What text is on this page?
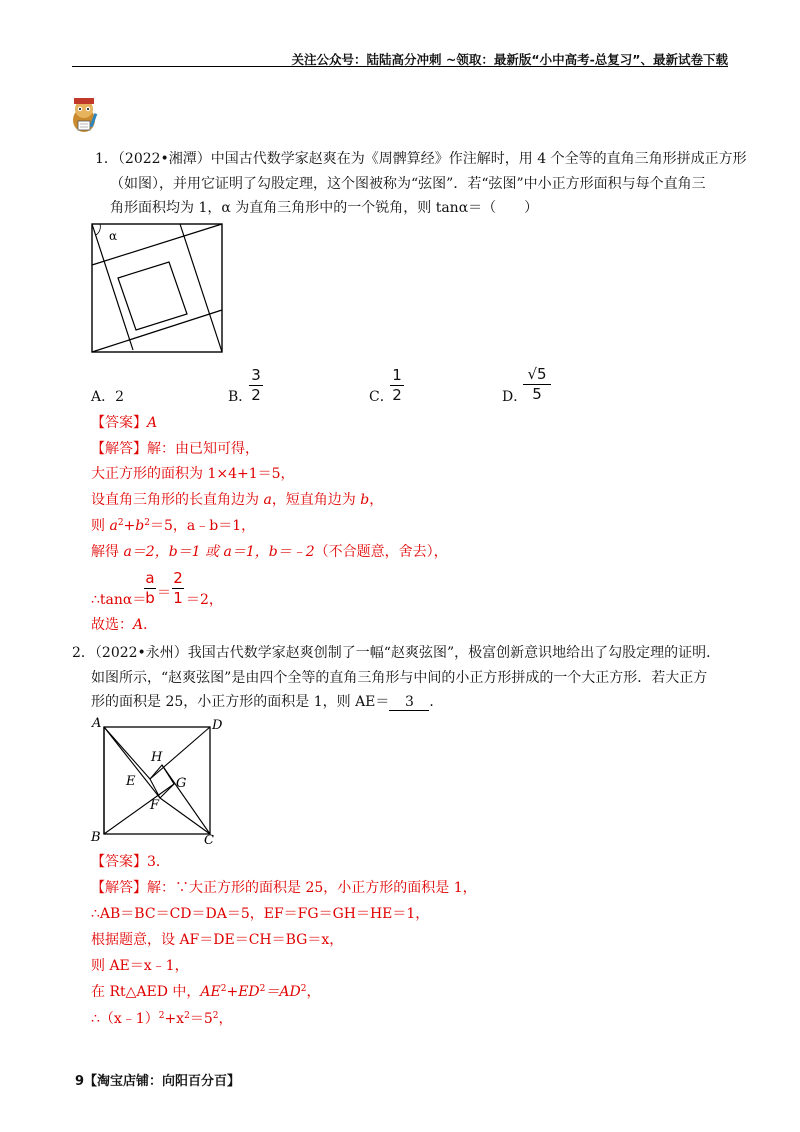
关注公众号：陆陆高分冲刺 ~领取：最新版“小中高考-总复习”、最新试卷下载
1．（2022•湘潭）中国古代数学家赵爽在为《周髀算经》作注解时，用 4 个全等的直角三角形拼成正方形
（如图），并用它证明了勾股定理，这个图被称为“弦图”．若“弦图”中小正方形面积与每个直角三
角形面积均为 1，α 为直角三角形中的一个锐角，则 tanα＝（　　）
α
A．2	B．
3
2	C．
1
2	D．
√5
5
【答案】A
【解答】解：由已知可得，
大正方形的面积为 1×4+1＝5，
设直角三角形的长直角边为 a，短直角边为 b，
则 $a^2+b^2=5$，a﹣b＝1，
解得 a＝2，b＝1 或 a＝1，b＝﹣2（不合题意，舍去），
∴tanα＝
a
b ＝
2
1 ＝2，
故选：A．
2．（2022•永州）我国古代数学家赵爽创制了一幅“赵爽弦图”，极富创新意识地给出了勾股定理的证明．
如图所示，“赵爽弦图”是由四个全等的直角三角形与中间的小正方形拼成的一个大正方形．若大正方
形的面积是 25，小正方形的面积是 1，则 AE＝ 3 ．
A	D
B	C
H
E	G
F
【答案】3．
【解答】解：∵大正方形的面积是 25，小正方形的面积是 1，
∴AB＝BC＝CD＝DA＝5，EF＝FG＝GH＝HE＝1，
根据题意，设 AF＝DE＝CH＝BG＝x，
则 AE＝x﹣1，
在 Rt△AED 中，$AE^2+ED^2=AD^2$，
$\therefore(x﹣1)^2+x^2=5^2$，
9【淘宝店铺：向阳百分百】
